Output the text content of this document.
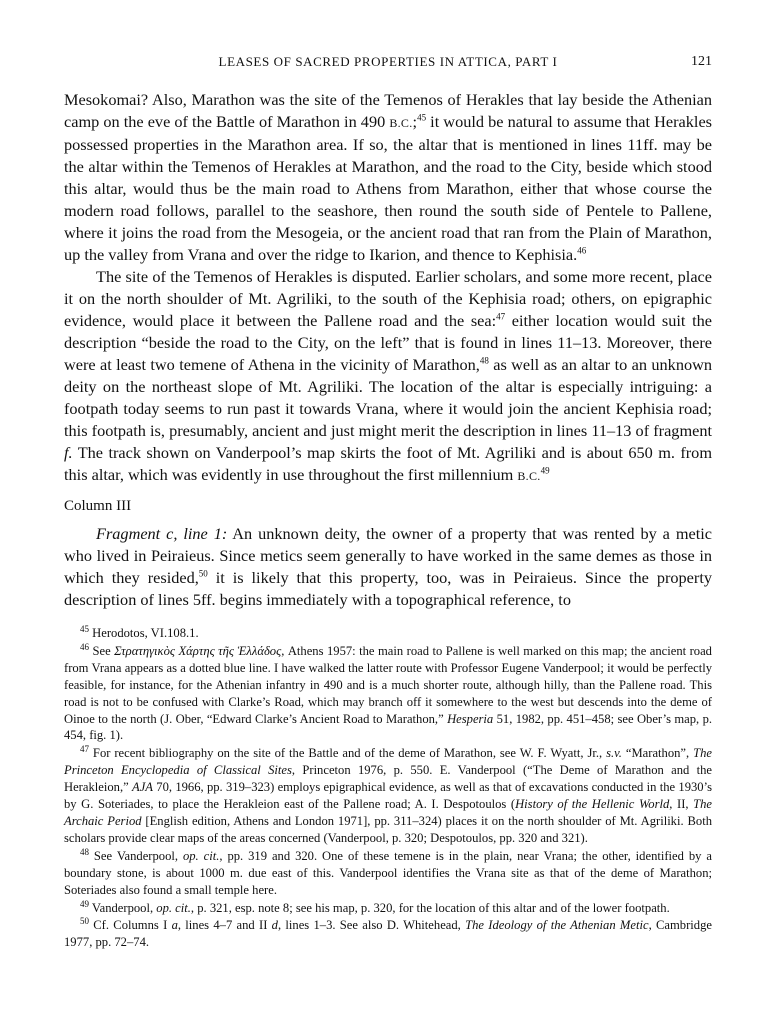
LEASES OF SACRED PROPERTIES IN ATTICA, PART I	121

Mesokomai? Also, Marathon was the site of the Temenos of Herakles that lay beside the Athenian camp on the eve of the Battle of Marathon in 490 B.C.;$^{45}$ it would be natural to assume that Herakles possessed properties in the Marathon area. If so, the altar that is mentioned in lines 11ff. may be the altar within the Temenos of Herakles at Marathon, and the road to the City, beside which stood this altar, would thus be the main road to Athens from Marathon, either that whose course the modern road follows, parallel to the seashore, then round the south side of Pentele to Pallene, where it joins the road from the Mesogeia, or the ancient road that ran from the Plain of Marathon, up the valley from Vrana and over the ridge to Ikarion, and thence to Kephisia.$^{46}$

The site of the Temenos of Herakles is disputed. Earlier scholars, and some more recent, place it on the north shoulder of Mt. Agriliki, to the south of the Kephisia road; others, on epigraphic evidence, would place it between the Pallene road and the sea:$^{47}$ either location would suit the description “beside the road to the City, on the left” that is found in lines 11–13. Moreover, there were at least two temene of Athena in the vicinity of Marathon,$^{48}$ as well as an altar to an unknown deity on the northeast slope of Mt. Agriliki. The location of the altar is especially intriguing: a footpath today seems to run past it towards Vrana, where it would join the ancient Kephisia road; this footpath is, presumably, ancient and just might merit the description in lines 11–13 of fragment f. The track shown on Vanderpool’s map skirts the foot of Mt. Agriliki and is about 650 m. from this altar, which was evidently in use throughout the first millennium B.C.$^{49}$

Column III

Fragment c, line 1: An unknown deity, the owner of a property that was rented by a metic who lived in Peiraieus. Since metics seem generally to have worked in the same demes as those in which they resided,$^{50}$ it is likely that this property, too, was in Peiraieus. Since the property description of lines 5ff. begins immediately with a topographical reference, to

$^{45}$ Herodotos, VI.108.1.

$^{46}$ See Στρατηγικὸς Χάρτης τῆς Ἑλλάδος, Athens 1957: the main road to Pallene is well marked on this map; the ancient road from Vrana appears as a dotted blue line. I have walked the latter route with Professor Eugene Vanderpool; it would be perfectly feasible, for instance, for the Athenian infantry in 490 and is a much shorter route, although hilly, than the Pallene road. This road is not to be confused with Clarke’s Road, which may branch off it somewhere to the west but descends into the deme of Oinoe to the north (J. Ober, “Edward Clarke’s Ancient Road to Marathon,” Hesperia 51, 1982, pp. 451–458; see Ober’s map, p. 454, fig. 1).

$^{47}$ For recent bibliography on the site of the Battle and of the deme of Marathon, see W. F. Wyatt, Jr., s.v. “Marathon”, The Princeton Encyclopedia of Classical Sites, Princeton 1976, p. 550. E. Vanderpool (“The Deme of Marathon and the Herakleion,” AJA 70, 1966, pp. 319–323) employs epigraphical evidence, as well as that of excavations conducted in the 1930’s by G. Soteriades, to place the Herakleion east of the Pallene road; A. I. Despotoulos (History of the Hellenic World, II, The Archaic Period [English edition, Athens and London 1971], pp. 311–324) places it on the north shoulder of Mt. Agriliki. Both scholars provide clear maps of the areas concerned (Vanderpool, p. 320; Despotoulos, pp. 320 and 321).

$^{48}$ See Vanderpool, op. cit., pp. 319 and 320. One of these temene is in the plain, near Vrana; the other, identified by a boundary stone, is about 1000 m. due east of this. Vanderpool identifies the Vrana site as that of the deme of Marathon; Soteriades also found a small temple here.

$^{49}$ Vanderpool, op. cit., p. 321, esp. note 8; see his map, p. 320, for the location of this altar and of the lower footpath.

$^{50}$ Cf. Columns I a, lines 4–7 and II d, lines 1–3. See also D. Whitehead, The Ideology of the Athenian Metic, Cambridge 1977, pp. 72–74.
